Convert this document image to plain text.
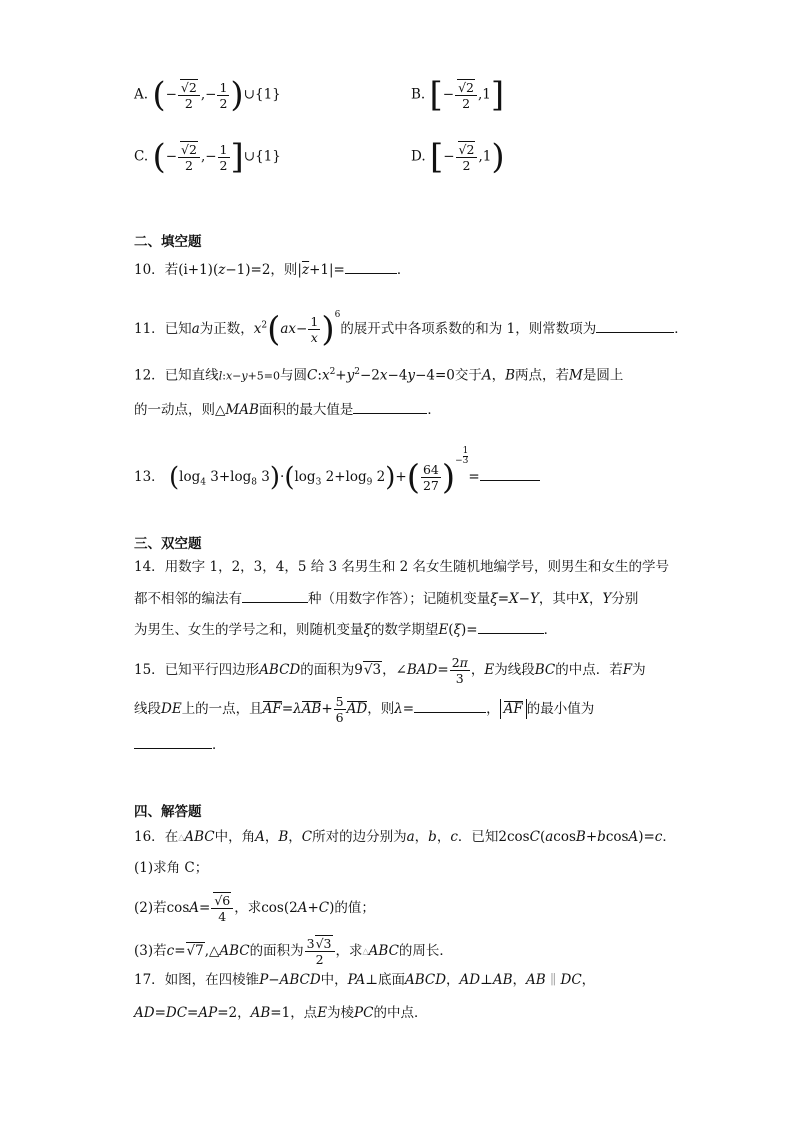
A. (− $\frac{√2}{2}$ ,− $\frac{1}{2}$ )∪{1}	B. [− $\frac{√2}{2} ,1$]
C. (− $\frac{√2}{2}$ ,− $\frac{1}{2}$ ]∪{1}	D. [− $\frac{√2}{2} ,1$)
二、填空题
10．若(i+1)(z−1)=2，则$|\overline{z}+1|=$	．
11．已知a为正数，$x^2(ax- \frac{1}{x} )^6$的展开式中各项系数的和为 1，则常数项为	．
12．已知直线l:x−y+5=0与圆$C:x^2+y^2-2x-4y-4=0$交于A，B两点，若M是圆上
的一动点，则△MAB面积的最大值是	．
13． ($\log_4$ $3+\log_8$ $3)\cdot(\log_3$ $2+\log_9$ $2)+( \frac{64}{27}$ )− $\frac{1}{3}$
=
三、双空题
14．用数字 1，2，3，4，5 给 3 名男生和 2 名女生随机地编学号，则男生和女生的学号
都不相邻的编法有	种（用数字作答）；记随机变量ξ=X−Y，其中X，Y分别
为男生、女生的学号之和，则随机变量ξ的数学期望E(ξ)=	．
15．已知平行四边形ABCD的面积为9√3，∠BAD= $\frac{2\pi}{3}$ ，E为线段BC的中点．若F为
线段DE上的一点，且$AF=\lambda AB+ \frac{5}{6}$ AD，则λ=	， AF 的最小值为
．
四、解答题
16．在△ABC中，角A，B，C所对的边分别为a，b，c．已知2cosC(acosB+bcosA)=c．
(1)求角 C；
(2)若$\cos A= \frac{√6}{4}$ ，求cos(2A+C)的值；
(3)若c=√7,△ABC的面积为 $\frac{3√3}{2}$ ，求△ABC的周长．
17．如图，在四棱锥P−ABCD中，PA⊥底面ABCD，AD⊥AB，AB ∥ DC，
AD=DC=AP=2，AB=1，点E为棱PC的中点．
